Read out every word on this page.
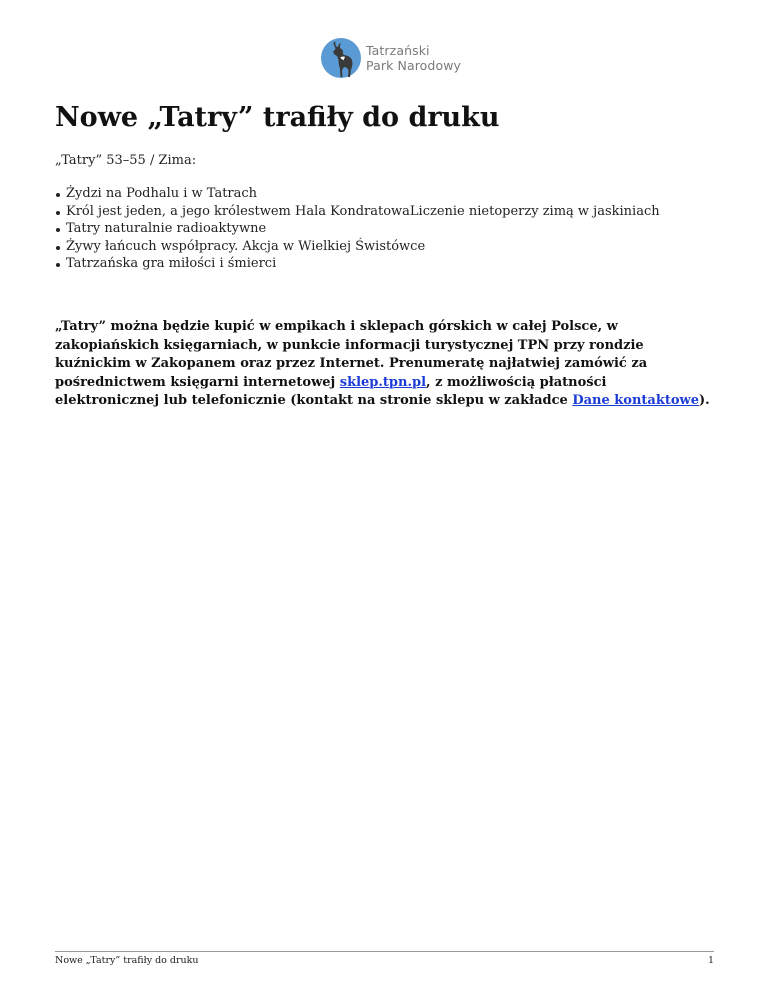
Tatrzański
Park Narodowy
Nowe „Tatry” trafiły do druku
„Tatry” 53–55 / Zima:
Żydzi na Podhalu i w Tatrach
Król jest jeden, a jego królestwem Hala KondratowaLiczenie nietoperzy zimą w jaskiniach
Tatry naturalnie radioaktywne
Żywy łańcuch współpracy. Akcja w Wielkiej Świstówce
Tatrzańska gra miłości i śmierci

„Tatry” można będzie kupić w empikach i sklepach górskich w całej Polsce, w zakopiańskich księgarniach, w punkcie informacji turystycznej TPN przy rondzie kuźnickim w Zakopanem oraz przez Internet. Prenumeratę najłatwiej zamówić za pośrednictwem księgarni internetowej sklep.tpn.pl, z możliwością płatności elektronicznej lub telefonicznie (kontakt na stronie sklepu w zakładce Dane kontaktowe).

Nowe „Tatry” trafiły do druku	1
